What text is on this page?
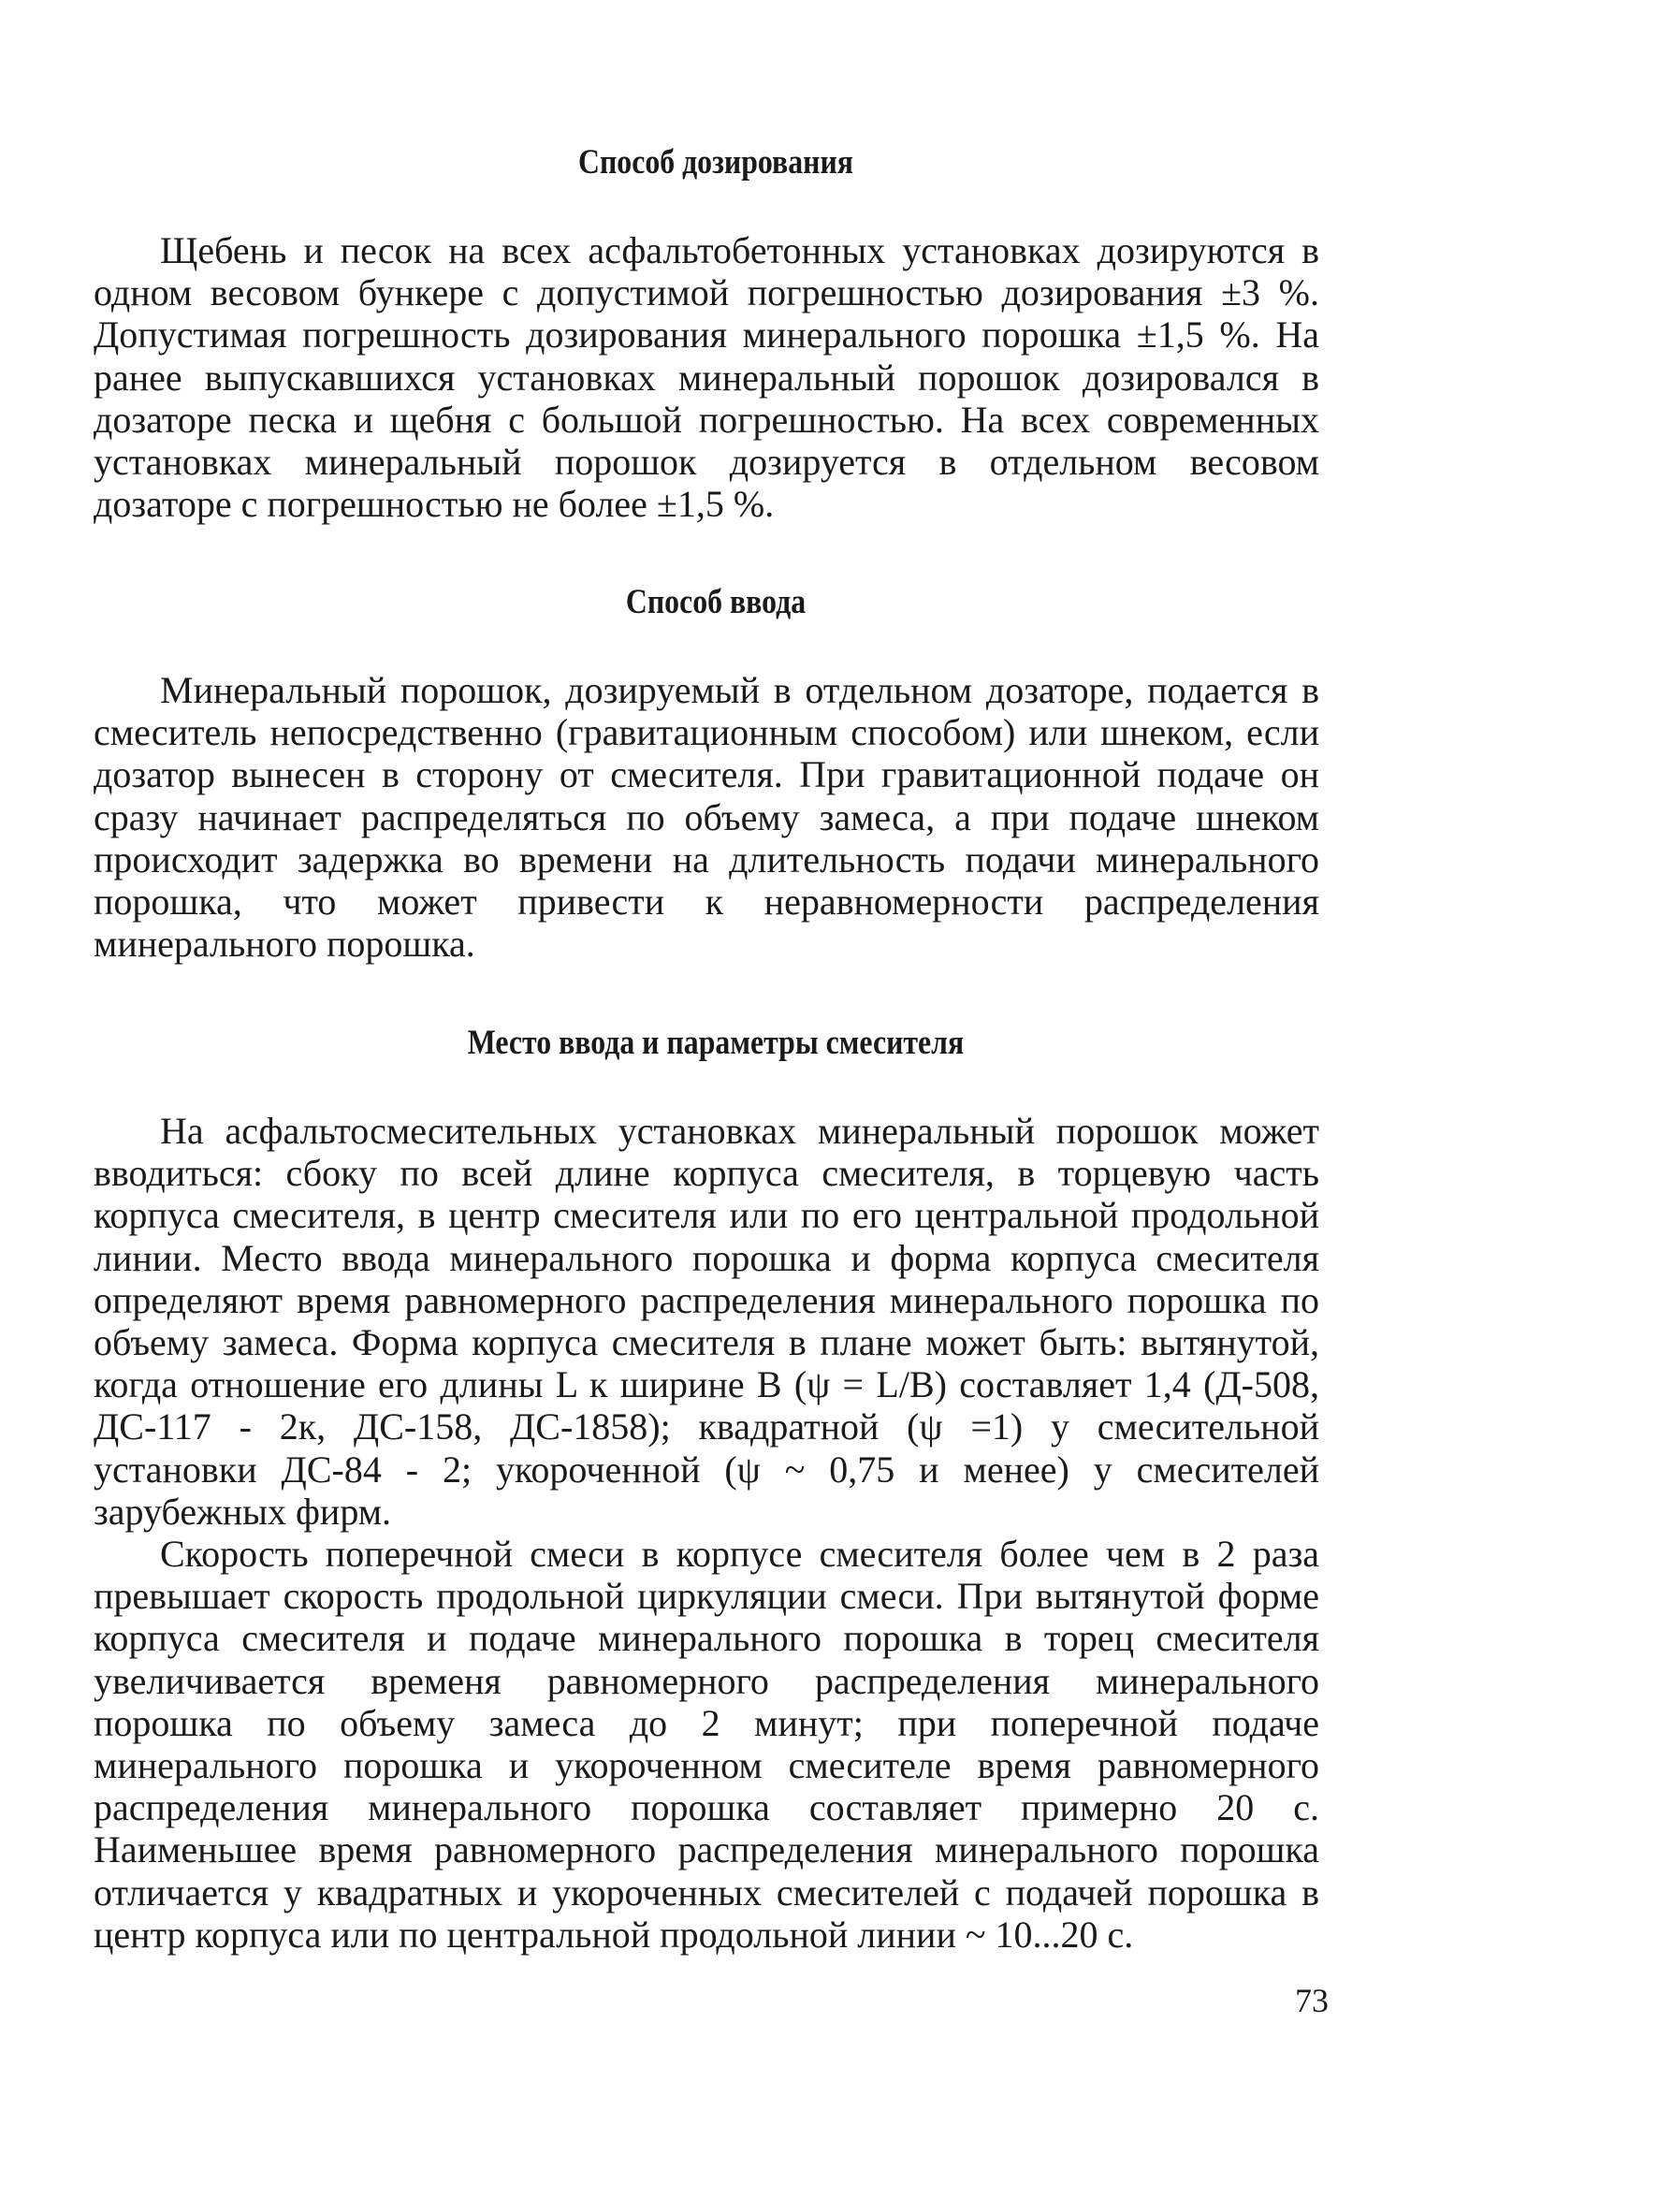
Способ дозирования

Щебень и песок на всех асфальтобетонных установках дозируются в одном весовом бункере с допустимой погрешностью дозирования ±3 %. Допустимая погрешность дозирования минерального порошка ±1,5 %. На ранее выпускавшихся установках минеральный порошок дозировался в дозаторе песка и щебня с большой погрешностью. На всех современных установках минеральный порошок дозируется в отдельном весовом дозаторе с погрешностью не более ±1,5 %.

Способ ввода

Минеральный порошок, дозируемый в отдельном дозаторе, подается в смеситель непосредственно (гравитационным способом) или шнеком, если дозатор вынесен в сторону от смесителя. При гравитационной подаче он сразу начинает распределяться по объему замеса, а при подаче шнеком происходит задержка во времени на длительность подачи минерального порошка, что может привести к неравномерности распределения минерального порошка.

Место ввода и параметры смесителя

На асфальтосмесительных установках минеральный порошок может вводиться: сбоку по всей длине корпуса смесителя, в торцевую часть корпуса смесителя, в центр смесителя или по его центральной продольной линии. Место ввода минерального порошка и форма корпуса смесителя определяют время равномерного распределения минерального порошка по объему замеса. Форма корпуса смесителя в плане может быть: вытянутой, когда отношение его длины L к ширине B (ψ = L/B) составляет 1,4 (Д-508, ДС-117 - 2к, ДС-158, ДС-1858); квадратной (ψ =1) у смесительной установки ДС-84 - 2; укороченной (ψ ~ 0,75 и менее) у смесителей зарубежных фирм.

Скорость поперечной смеси в корпусе смесителя более чем в 2 раза превышает скорость продольной циркуляции смеси. При вытянутой форме корпуса смесителя и подаче минерального порошка в торец смесителя увеличивается временя равномерного распределения минерального порошка по объему замеса до 2 минут; при поперечной подаче минерального порошка и укороченном смесителе время равномерного распределения минерального порошка составляет примерно 20 с. Наименьшее время равномерного распределения минерального порошка отличается у квадратных и укороченных смесителей с подачей порошка в центр корпуса или по центральной продольной линии ~ 10...20 с.

73
